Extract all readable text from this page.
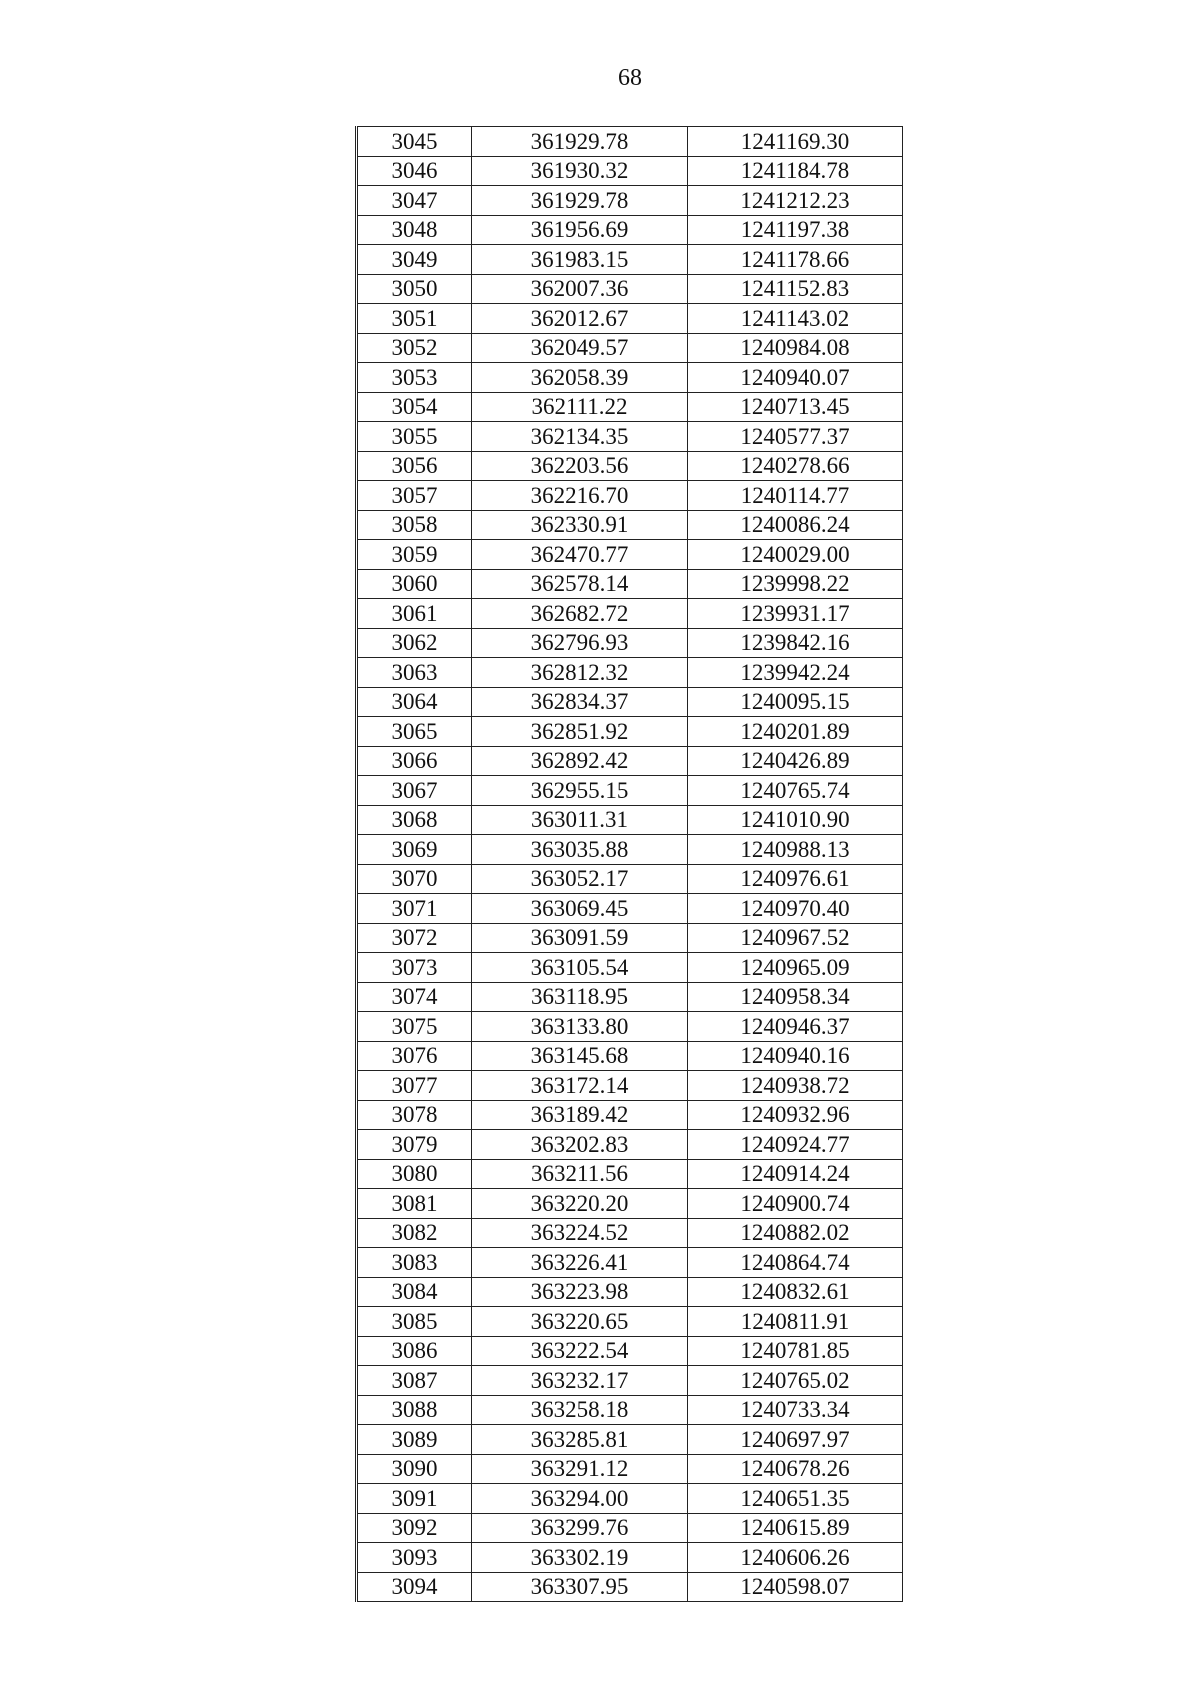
68
3045	361929.78	1241169.30
3046	361930.32	1241184.78
3047	361929.78	1241212.23
3048	361956.69	1241197.38
3049	361983.15	1241178.66
3050	362007.36	1241152.83
3051	362012.67	1241143.02
3052	362049.57	1240984.08
3053	362058.39	1240940.07
3054	362111.22	1240713.45
3055	362134.35	1240577.37
3056	362203.56	1240278.66
3057	362216.70	1240114.77
3058	362330.91	1240086.24
3059	362470.77	1240029.00
3060	362578.14	1239998.22
3061	362682.72	1239931.17
3062	362796.93	1239842.16
3063	362812.32	1239942.24
3064	362834.37	1240095.15
3065	362851.92	1240201.89
3066	362892.42	1240426.89
3067	362955.15	1240765.74
3068	363011.31	1241010.90
3069	363035.88	1240988.13
3070	363052.17	1240976.61
3071	363069.45	1240970.40
3072	363091.59	1240967.52
3073	363105.54	1240965.09
3074	363118.95	1240958.34
3075	363133.80	1240946.37
3076	363145.68	1240940.16
3077	363172.14	1240938.72
3078	363189.42	1240932.96
3079	363202.83	1240924.77
3080	363211.56	1240914.24
3081	363220.20	1240900.74
3082	363224.52	1240882.02
3083	363226.41	1240864.74
3084	363223.98	1240832.61
3085	363220.65	1240811.91
3086	363222.54	1240781.85
3087	363232.17	1240765.02
3088	363258.18	1240733.34
3089	363285.81	1240697.97
3090	363291.12	1240678.26
3091	363294.00	1240651.35
3092	363299.76	1240615.89
3093	363302.19	1240606.26
3094	363307.95	1240598.07
